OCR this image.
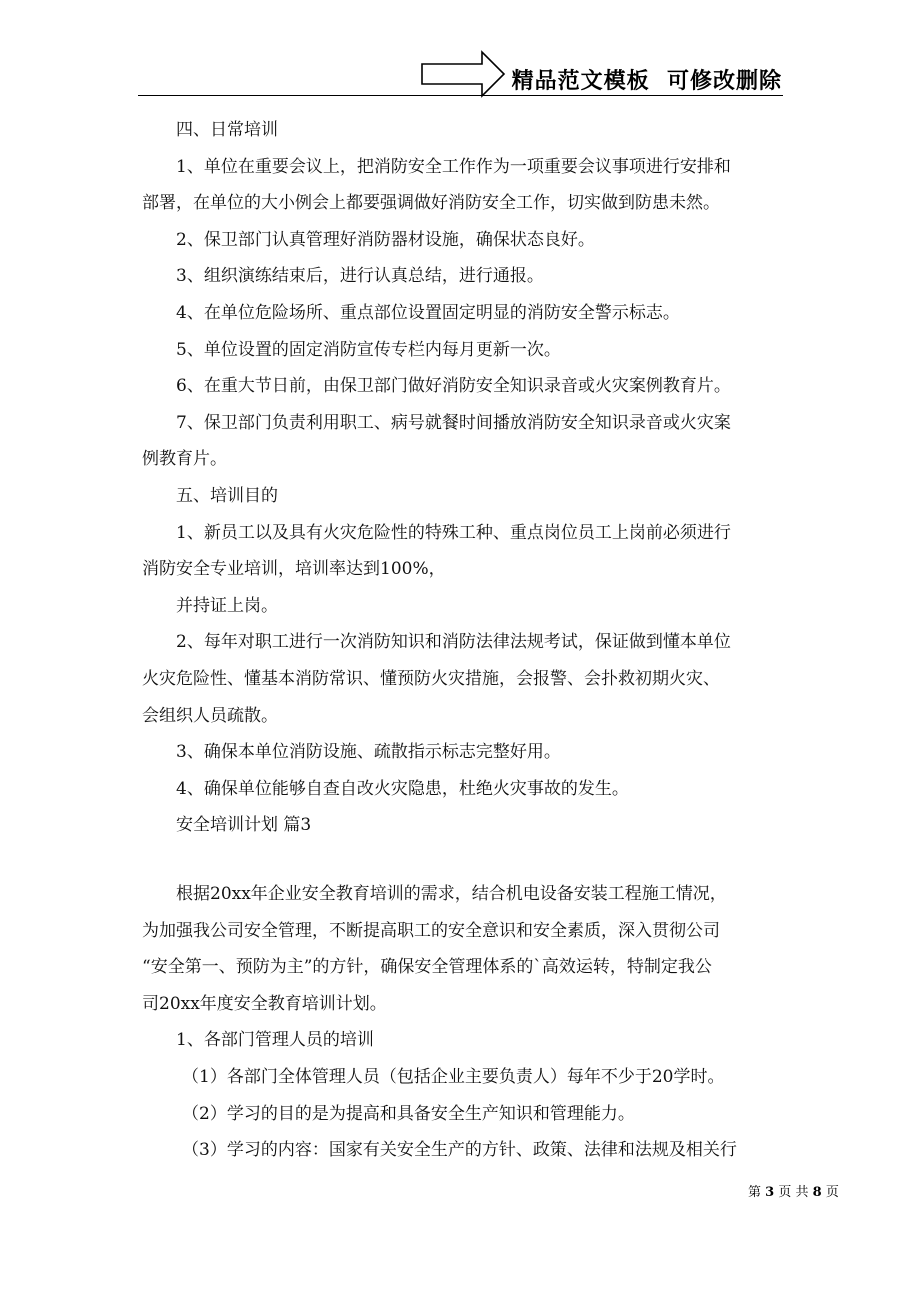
精品范文模板  可修改删除
四、日常培训
1、单位在重要会议上，把消防安全工作作为一项重要会议事项进行安排和
部署，在单位的大小例会上都要强调做好消防安全工作，切实做到防患未然。
2、保卫部门认真管理好消防器材设施，确保状态良好。
3、组织演练结束后，进行认真总结，进行通报。
4、在单位危险场所、重点部位设置固定明显的消防安全警示标志。
5、单位设置的固定消防宣传专栏内每月更新一次。
6、在重大节日前，由保卫部门做好消防安全知识录音或火灾案例教育片。
7、保卫部门负责利用职工、病号就餐时间播放消防安全知识录音或火灾案
例教育片。
五、培训目的
1、新员工以及具有火灾危险性的特殊工种、重点岗位员工上岗前必须进行
消防安全专业培训，培训率达到100%，
并持证上岗。
2、每年对职工进行一次消防知识和消防法律法规考试，保证做到懂本单位
火灾危险性、懂基本消防常识、懂预防火灾措施，会报警、会扑救初期火灾、
会组织人员疏散。
3、确保本单位消防设施、疏散指示标志完整好用。
4、确保单位能够自查自改火灾隐患，杜绝火灾事故的发生。
安全培训计划 篇3
根据20xx年企业安全教育培训的需求，结合机电设备安装工程施工情况，
为加强我公司安全管理，不断提高职工的安全意识和安全素质，深入贯彻公司
“安全第一、预防为主”的方针，确保安全管理体系的`高效运转，特制定我公
司20xx年度安全教育培训计划。
1、各部门管理人员的培训
（1）各部门全体管理人员（包括企业主要负责人）每年不少于20学时。
（2）学习的目的是为提高和具备安全生产知识和管理能力。
（3）学习的内容：国家有关安全生产的方针、政策、法律和法规及相关行
第 3 页 共 8 页
